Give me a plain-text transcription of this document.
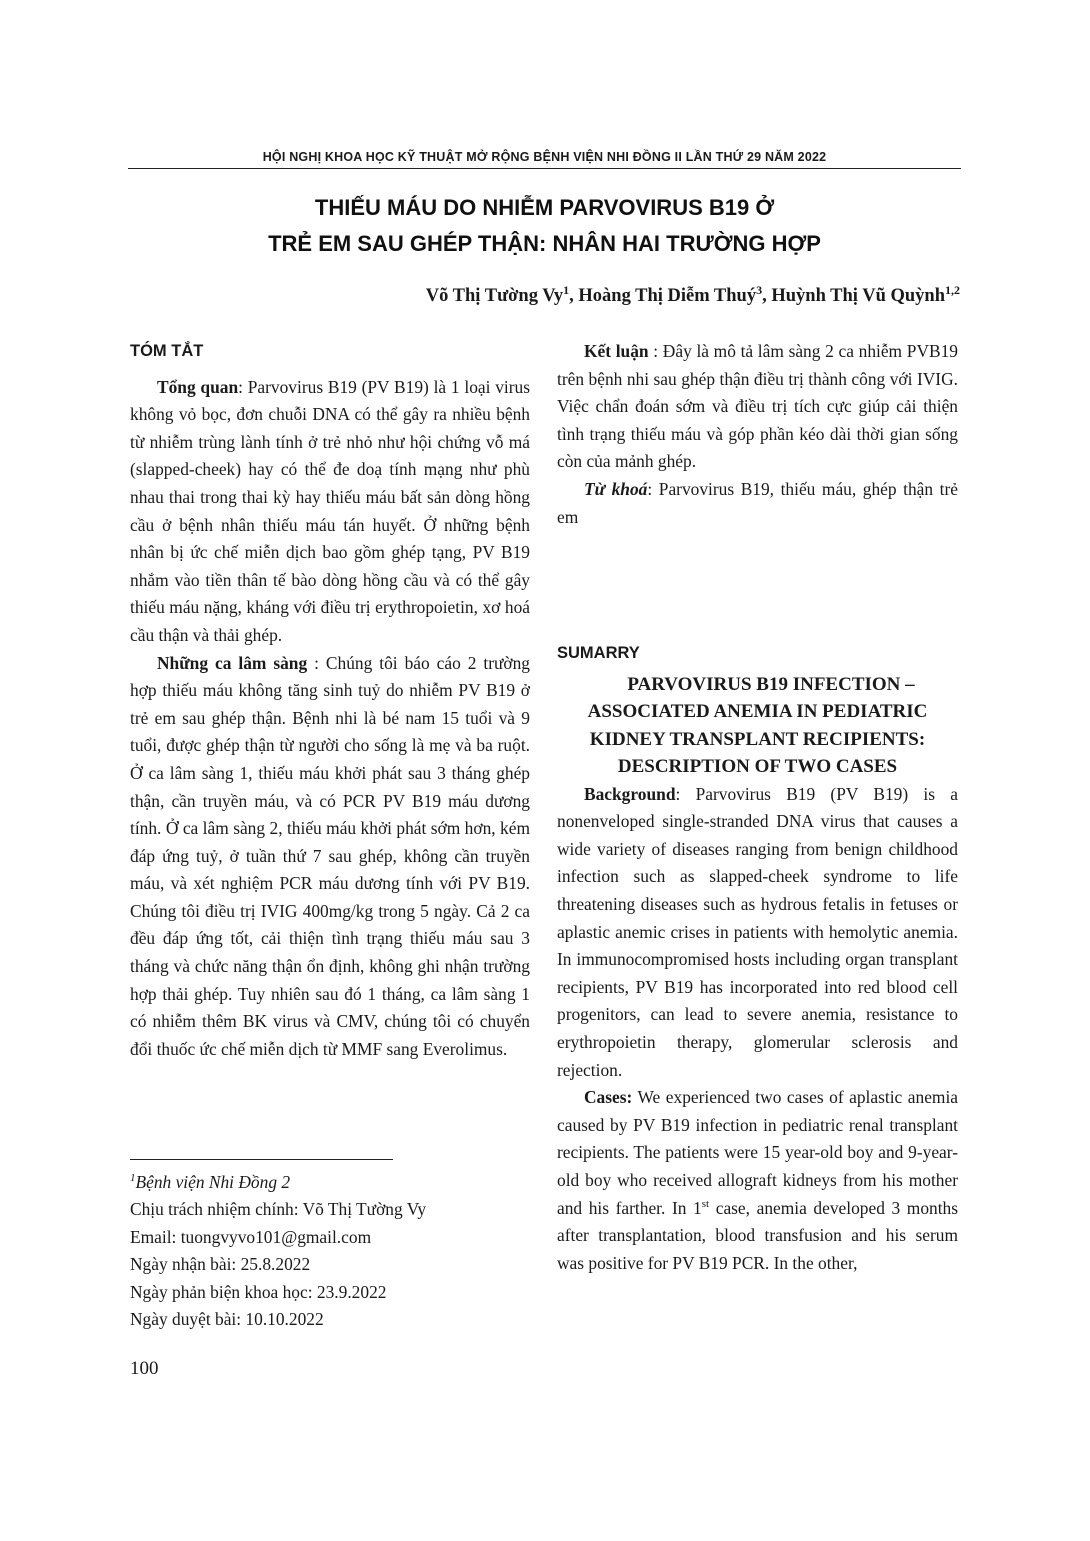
HỘI NGHỊ KHOA HỌC KỸ THUẬT MỞ RỘNG BỆNH VIỆN NHI ĐỒNG II LẦN THỨ 29 NĂM 2022
THIẾU MÁU DO NHIỄM PARVOVIRUS B19 Ở
TRẺ EM SAU GHÉP THẬN: NHÂN HAI TRƯỜNG HỢP
Võ Thị Tường Vy$^1$, Hoàng Thị Diễm Thuý$^3$, Huỳnh Thị Vũ Quỳnh$^{1,2}$

TÓM TẮT

Tổng quan: Parvovirus B19 (PV B19) là 1 loại virus không vỏ bọc, đơn chuỗi DNA có thể gây ra nhiều bệnh từ nhiễm trùng lành tính ở trẻ nhỏ như hội chứng vỗ má (slapped-cheek) hay có thể đe doạ tính mạng như phù nhau thai trong thai kỳ hay thiếu máu bất sản dòng hồng cầu ở bệnh nhân thiếu máu tán huyết. Ở những bệnh nhân bị ức chế miễn dịch bao gồm ghép tạng, PV B19 nhắm vào tiền thân tế bào dòng hồng cầu và có thể gây thiếu máu nặng, kháng với điều trị erythropoietin, xơ hoá cầu thận và thải ghép.

Những ca lâm sàng : Chúng tôi báo cáo 2 trường hợp thiếu máu không tăng sinh tuỷ do nhiễm PV B19 ở trẻ em sau ghép thận. Bệnh nhi là bé nam 15 tuổi và 9 tuổi, được ghép thận từ người cho sống là mẹ và ba ruột. Ở ca lâm sàng 1, thiếu máu khởi phát sau 3 tháng ghép thận, cần truyền máu, và có PCR PV B19 máu dương tính. Ở ca lâm sàng 2, thiếu máu khởi phát sớm hơn, kém đáp ứng tuỷ, ở tuần thứ 7 sau ghép, không cần truyền máu, và xét nghiệm PCR máu dương tính với PV B19. Chúng tôi điều trị IVIG 400mg/kg trong 5 ngày. Cả 2 ca đều đáp ứng tốt, cải thiện tình trạng thiếu máu sau 3 tháng và chức năng thận ổn định, không ghi nhận trường hợp thải ghép. Tuy nhiên sau đó 1 tháng, ca lâm sàng 1 có nhiễm thêm BK virus và CMV, chúng tôi có chuyển đổi thuốc ức chế miễn dịch từ MMF sang Everolimus.

Kết luận : Đây là mô tả lâm sàng 2 ca nhiễm PVB19 trên bệnh nhi sau ghép thận điều trị thành công với IVIG. Việc chẩn đoán sớm và điều trị tích cực giúp cải thiện tình trạng thiếu máu và góp phần kéo dài thời gian sống còn của mảnh ghép.

Từ khoá: Parvovirus B19, thiếu máu, ghép thận trẻ em

SUMARRY

PARVOVIRUS B19 INFECTION –
ASSOCIATED ANEMIA IN PEDIATRIC
KIDNEY TRANSPLANT RECIPIENTS:
DESCRIPTION OF TWO CASES

Background: Parvovirus B19 (PV B19) is a nonenveloped single-stranded DNA virus that causes a wide variety of diseases ranging from benign childhood infection such as slapped-cheek syndrome to life threatening diseases such as hydrous fetalis in fetuses or aplastic anemic crises in patients with hemolytic anemia. In immunocompromised hosts including organ transplant recipients, PV B19 has incorporated into red blood cell progenitors, can lead to severe anemia, resistance to erythropoietin therapy, glomerular sclerosis and rejection.

Cases: We experienced two cases of aplastic anemia caused by PV B19 infection in pediatric renal transplant recipients. The patients were 15 year-old boy and 9-year-old boy who received allograft kidneys from his mother and his farther. In 1st case, anemia developed 3 months after transplantation, blood transfusion and his serum was positive for PV B19 PCR. In the other,

$^1$Bệnh viện Nhi Đồng 2
Chịu trách nhiệm chính: Võ Thị Tường Vy
Email: tuongvyvo101@gmail.com
Ngày nhận bài: 25.8.2022
Ngày phản biện khoa học: 23.9.2022
Ngày duyệt bài: 10.10.2022
100
